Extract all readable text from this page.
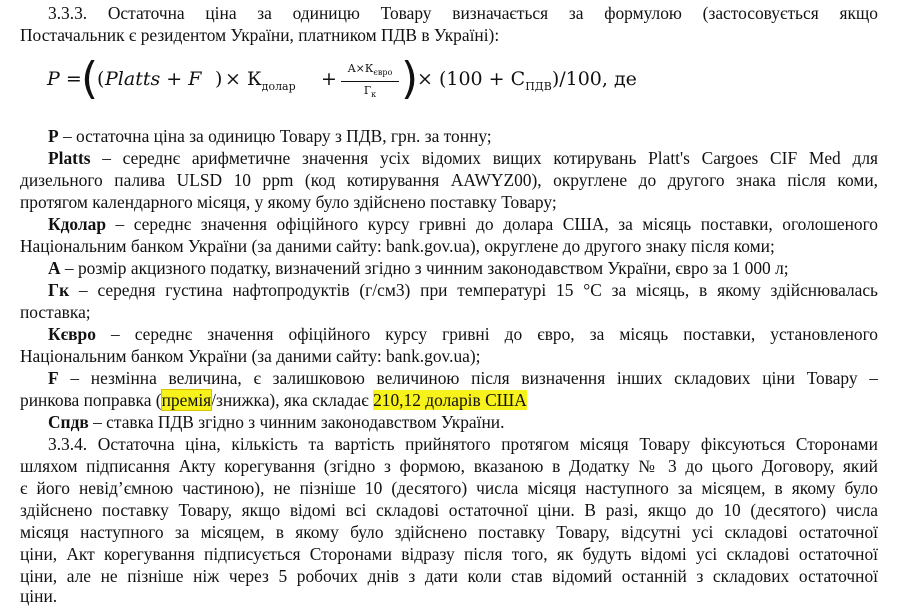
3.3.3. Остаточна ціна за одиницю Товару визначається за формулою (застосовується якщо
Постачальник є резидентом України, платником ПДВ в Україні):
P = (
( Platts + F ) × $К_{долар} + A\times К_{євро}$
$Г_к$ )
× $(100 + С_{ПДВ})/100$, де
P – остаточна ціна за одиницю Товару з ПДВ, грн. за тонну;
Platts – середнє арифметичне значення усіх відомих вищих котирувань Platt's Cargoes CIF Med для
дизельного палива ULSD 10 ppm (код котирування AAWYZ00), округлене до другого знака після коми,
протягом календарного місяця, у якому було здійснено поставку Товару;
Кдолар – середнє значення офіційного курсу гривні до долара США, за місяць поставки, оголошеного
Національним банком України (за даними сайту: bank.gov.ua), округлене до другого знаку після коми;
А – розмір акцизного податку, визначений згідно з чинним законодавством України, євро за 1 000 л;
Гк – середня густина нафтопродуктів (г/см3) при температурі 15 °С за місяць, в якому здійснювалась
поставка;
Кєвро – середнє значення офіційного курсу гривні до євро, за місяць поставки, установленого
Національним банком України (за даними сайту: bank.gov.ua);
F – незмінна величина, є залишковою величиною після визначення інших складових ціни Товару –
ринкова поправка (премія/знижка), яка складає 210,12 доларів США
Спдв – ставка ПДВ згідно з чинним законодавством України.
3.3.4. Остаточна ціна, кількість та вартість прийнятого протягом місяця Товару фіксуються Сторонами
шляхом підписання Акту корегування (згідно з формою, вказаною в Додатку № 3 до цього Договору, який
є його невід’ємною частиною), не пізніше 10 (десятого) числа місяця наступного за місяцем, в якому було
здійснено поставку Товару, якщо відомі всі складові остаточної ціни. В разі, якщо до 10 (десятого) числа
місяця наступного за місяцем, в якому було здійснено поставку Товару, відсутні усі складові остаточної
ціни, Акт корегування підписується Сторонами відразу після того, як будуть відомі усі складові остаточної
ціни, але не пізніше ніж через 5 робочих днів з дати коли став відомий останній з складових остаточної
ціни.
